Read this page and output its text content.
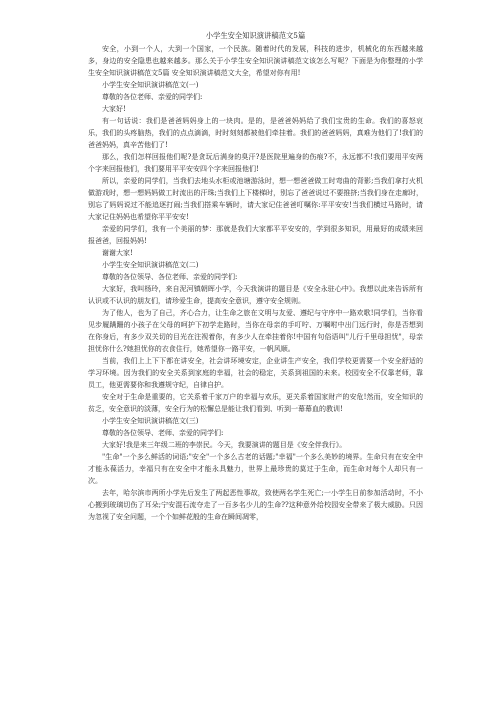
小学生安全知识演讲稿范文5篇

安全，小到一个人，大到一个国家，一个民族。随着时代的发展，科技的进步，机械化的东西越来越多，身边的安全隐患也越来越多。那么关于小学生安全知识演讲稿范文该怎么写呢？下面是为你整理的小学生安全知识演讲稿范文5篇 安全知识演讲稿范文大全，希望对你有用!

小学生安全知识演讲稿范文(一)

尊敬的各位老师、亲爱的同学们:

大家好!

有一句话说：我们是爸爸妈妈身上的一块肉。是的，是爸爸妈妈给了我们宝贵的生命。我们的喜怒哀乐，我们的头疼脑热，我们的点点滴滴，时时刻刻都被他们牵挂着。我们的爸爸妈妈，真难为他们了!我们的爸爸妈妈，真辛苦他们了!

那么，我们怎样回报他们呢?是贪玩后满身的臭汗?是医院里遍身的伤痕?不，永远都不!我们要用平安两个字来回报他们，我们要用平平安安四个字来回报他们!

所以，亲爱的同学们，当我们去地头水柜或池塘游泳时，想一想爸爸做工时弯曲的背影;当我们拿打火机做游戏时，想一想妈妈做工时流出的汗珠;当我们上下楼梯时，别忘了爸爸说过不要推挤;当我们身在走廊时，别忘了妈妈说过不能追逐打闹;当我们搭乘车辆时，请大家记住爸爸叮嘱你:平平安安!当我们横过马路时，请大家记住妈妈也希望你平平安安!

亲爱的同学们，我有一个美丽的梦：那就是我们大家都平平安安的，学到很多知识，用最好的成绩来回报爸爸，回报妈妈!

谢谢大家!

小学生安全知识演讲稿范文(二)

尊敬的各位领导、各位老师、亲爱的同学们:

大家好，我叫杨玲，来自泥河镇朝晖小学，今天我演讲的题目是《安全永驻心中》。我想以此来告诉所有认识或不认识的朋友们，请珍爱生命，提高安全意识，遵守安全规则。

为了他人，也为了自己，齐心合力，让生命之旅在文明与友爱、遵纪与守序中一路欢歌!同学们，当你看见步履蹒跚的小孩子在父母的呵护下初学走路时，当你在母亲的手叮咛、万嘱咐中出门远行时，你是否想到在你身后，有多少双关切的目光在注视着你，有多少人在牵挂着你!中国有句俗语叫"儿行千里母担忧"，母亲担忧你什么?她担忧你的衣食住行，她希望你一路平安，一帆风顺。

当前，我们上上下下都在讲安全，社会讲环境安定，企业讲生产安全，我们学校更需要一个安全舒适的学习环境。因为我们的安全关系到家庭的幸福，社会的稳定，关系到祖国的未来。校园安全不仅靠老师，靠员工，他更需要你和我遵规守纪，自律自护。

安全对于生命是重要的，它关系着千家万户的幸福与欢乐，更关系着国家财产的安危!然而，安全知识的贫乏，安全意识的淡薄，安全行为的松懈总是能让我们看到、听到一幕幕血的教训!

小学生安全知识演讲稿范文(三)

尊敬的各位领导、老师、亲爱的同学们:

大家好!我是来三年级二班的李崇民。今天，我要演讲的题目是《安全伴我行》。

"生命"一个多么鲜活的词语;"安全"一个多么古老的话题;"幸福"一个多么美妙的境界。生命只有在安全中才能永葆活力，幸福只有在安全中才能永具魅力，世界上最珍贵的莫过于生命，而生命对每个人却只有一次。

去年，哈尔滨市两所小学先后发生了两起恶性事故，致使两名学生死亡;一小学生日前参加活动时，不小心搬到玻璃切伤了耳朵;宁安混石流夺走了一百多名少儿的生命??这种意外给校园安全带来了极大威胁。只因为忽视了安全问题，一个个如鲜花般的生命在瞬间凋零，
